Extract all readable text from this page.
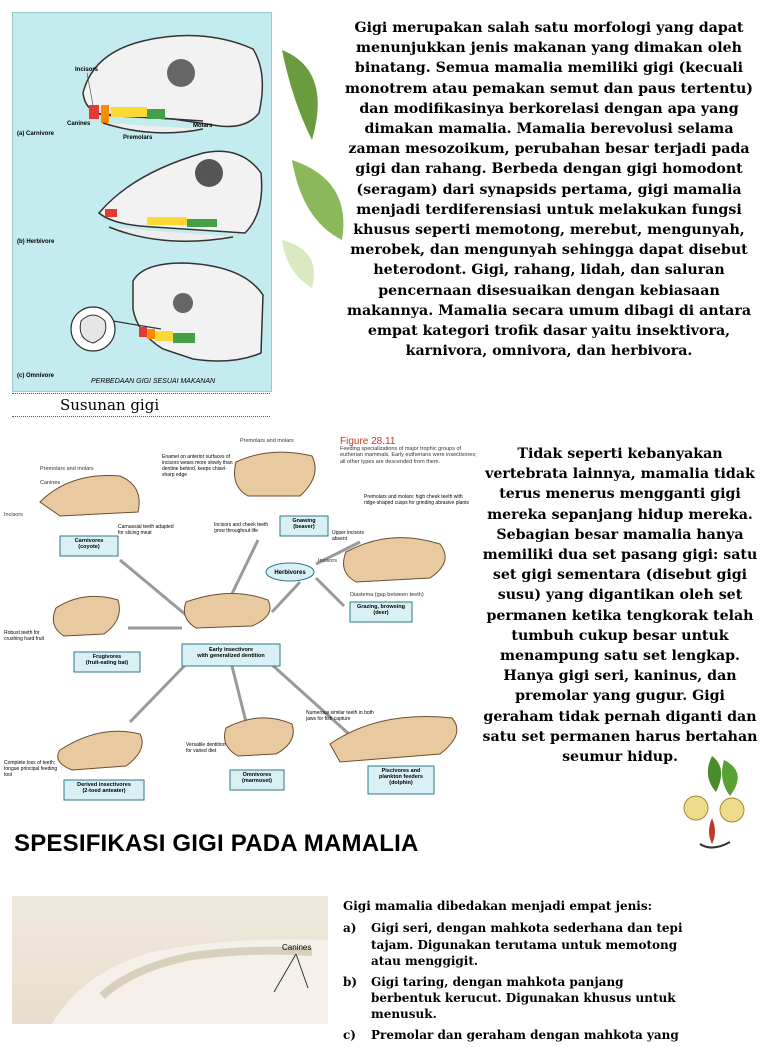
Incisors
Canines
Premolars
Molars
(a) Carnivore
(b) Herbivore
(c) Omnivore
PERBEDAAN GIGI SESUAI MAKANAN
Susunan gigi
Gigi merupakan salah satu morfologi yang dapat menunjukkan jenis makanan yang dimakan oleh binatang. Semua mamalia memiliki gigi (kecuali monotrem atau pemakan semut dan paus tertentu) dan modifikasinya berkorelasi dengan apa yang dimakan mamalia. Mamalia berevolusi selama zaman mesozoikum, perubahan besar terjadi pada gigi dan rahang. Berbeda dengan gigi homodont (seragam) dari synapsids pertama, gigi mamalia menjadi terdiferensiasi untuk melakukan fungsi khusus seperti memotong, merebut, mengunyah, merobek, dan mengunyah sehingga dapat disebut heterodont. Gigi, rahang, lidah, dan saluran pencernaan disesuaikan dengan kebiasaan makannya. Mamalia secara umum dibagi di antara empat kategori trofik dasar yaitu insektivora, karnivora, omnivora, dan herbivora.
Figure 28.11
Feeding specializations of major trophic groups of eutherian mammals. Early eutherians were insectivores; all other types are descended from them.
Carnivores
(coyote)
Gnawing
(beaver)
Herbivores
Grazing, browsing
(deer)
Early insectivore
with generalized dentition
Frugivores
(fruit-eating bat)
Derived insectivores
(2-toed anteater)
Omnivores
(marmoset)
Piscivores and
plankton feeders
(dolphin)
Premolars and molars
Enamel on anterior surfaces of incisors wears more slowly than dentine behind, keeps chisel-sharp edge
Premolars and molars
Canines
Incisors
Carnassial teeth adapted for slicing meat
Incisors and cheek teeth grow throughout life
Premolars and molars: high cheek teeth with ridge-shaped cusps for grinding abrasive plants
Upper incisors absent
Incisors
Diastema (gap between teeth)
Robust teeth for crushing hard fruit
Numerous similar teeth in both jaws for fish capture
Versatile dentition for varied diet
Complete loss of teeth; tongue principal feeding tool
Tidak seperti kebanyakan vertebrata lainnya, mamalia tidak terus menerus mengganti gigi mereka sepanjang hidup mereka. Sebagian besar mamalia hanya memiliki dua set pasang gigi: satu set gigi sementara (disebut gigi susu) yang digantikan oleh set permanen ketika tengkorak telah tumbuh cukup besar untuk menampung satu set lengkap. Hanya gigi seri, kaninus, dan premolar yang gugur. Gigi geraham tidak pernah diganti dan satu set permanen harus bertahan seumur hidup.
SPESIFIKASI GIGI PADA MAMALIA
Canines
Gigi mamalia dibedakan menjadi empat jenis:
a)	Gigi seri, dengan mahkota sederhana dan tepi tajam. Digunakan terutama untuk memotong atau menggigit.
b)	Gigi taring, dengan mahkota panjang berbentuk kerucut. Digunakan khusus untuk menusuk.
c)	Premolar dan geraham dengan mahkota yang
